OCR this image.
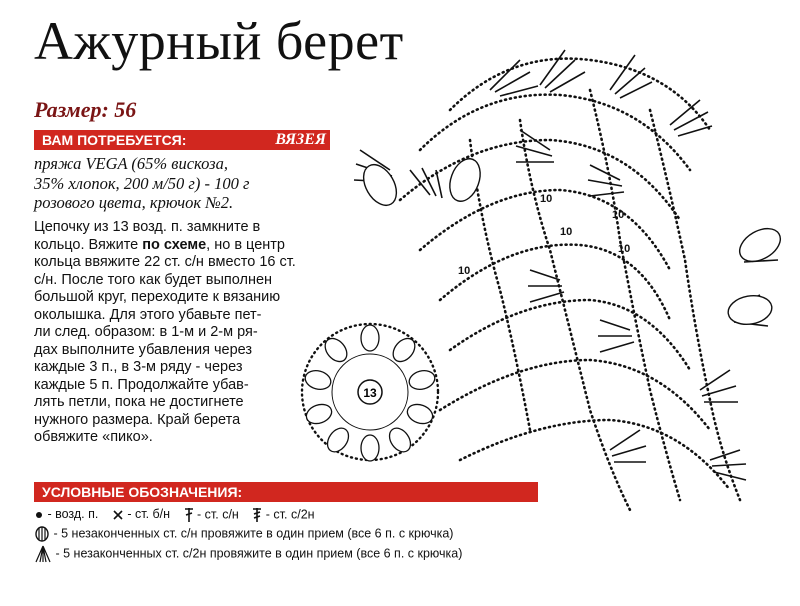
Ажурный берет
Размер: 56
ВАМ ПОТРЕБУЕТСЯ:	ВЯЗЕЯ
пряжа VEGA (65% вискоза,
35% хлопок, 200 м/50 г) - 100 г
розового цвета, крючок №2.
Цепочку из 13 возд. п. замкните в
кольцо. Вяжите по схеме, но в центр
кольца ввяжите 22 ст. с/н вместо 16 ст.
с/н. После того как будет выполнен
большой круг, переходите к вязанию
околышка. Для этого убавьте пет-
ли след. образом: в 1-м и 2-м ря-
дах выполните убавления через
каждые 3 п., в 3-м ряду - через
каждые 5 п. Продолжайте убав-
лять петли, пока не достигнете
нужного размера. Край берета
обвяжите «пико».
УСЛОВНЫЕ ОБОЗНАЧЕНИЯ:
- возд. п. - ст. б/н - ст. с/н - ст. с/2н
- 5 незаконченных ст. с/н провяжите в один прием (все 6 п. с крючка)
- 5 незаконченных ст. с/2н провяжите в один прием (все 6 п. с крючка)
13
10
10
10
10
10
